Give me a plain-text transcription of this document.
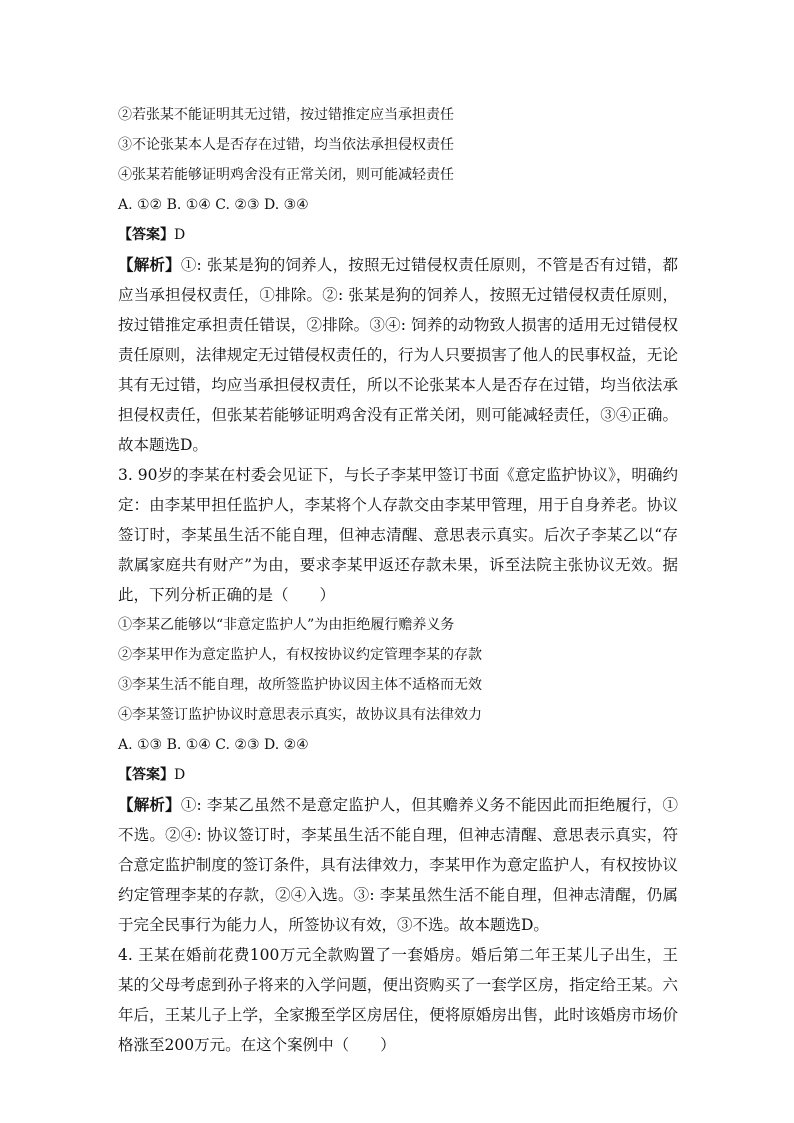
②若张某不能证明其无过错，按过错推定应当承担责任
③不论张某本人是否存在过错，均当依法承担侵权责任
④张某若能够证明鸡舍没有正常关闭，则可能减轻责任
A. ①② B. ①④ C. ②③ D. ③④
【答案】D
【解析】①: 张某是狗的饲养人，按照无过错侵权责任原则，不管是否有过错，都应当承担侵权责任，①排除。②: 张某是狗的饲养人，按照无过错侵权责任原则，按过错推定承担责任错误，②排除。③④: 饲养的动物致人损害的适用无过错侵权责任原则，法律规定无过错侵权责任的，行为人只要损害了他人的民事权益，无论其有无过错，均应当承担侵权责任，所以不论张某本人是否存在过错，均当依法承担侵权责任，但张某若能够证明鸡舍没有正常关闭，则可能减轻责任，③④正确。故本题选D。
3. 90岁的李某在村委会见证下，与长子李某甲签订书面《意定监护协议》，明确约定：由李某甲担任监护人，李某将个人存款交由李某甲管理，用于自身养老。协议签订时，李某虽生活不能自理，但神志清醒、意思表示真实。后次子李某乙以“存款属家庭共有财产”为由，要求李某甲返还存款未果，诉至法院主张协议无效。据此，下列分析正确的是（　　）
①李某乙能够以“非意定监护人”为由拒绝履行赡养义务
②李某甲作为意定监护人，有权按协议约定管理李某的存款
③李某生活不能自理，故所签监护协议因主体不适格而无效
④李某签订监护协议时意思表示真实，故协议具有法律效力
A. ①③ B. ①④ C. ②③ D. ②④
【答案】D
【解析】①: 李某乙虽然不是意定监护人，但其赡养义务不能因此而拒绝履行，①不选。②④: 协议签订时，李某虽生活不能自理，但神志清醒、意思表示真实，符合意定监护制度的签订条件，具有法律效力，李某甲作为意定监护人，有权按协议约定管理李某的存款，②④入选。③: 李某虽然生活不能自理，但神志清醒，仍属于完全民事行为能力人，所签协议有效，③不选。故本题选D。
4. 王某在婚前花费100万元全款购置了一套婚房。婚后第二年王某儿子出生，王某的父母考虑到孙子将来的入学问题，便出资购买了一套学区房，指定给王某。六年后，王某儿子上学，全家搬至学区房居住，便将原婚房出售，此时该婚房市场价格涨至200万元。在这个案例中（　　）
